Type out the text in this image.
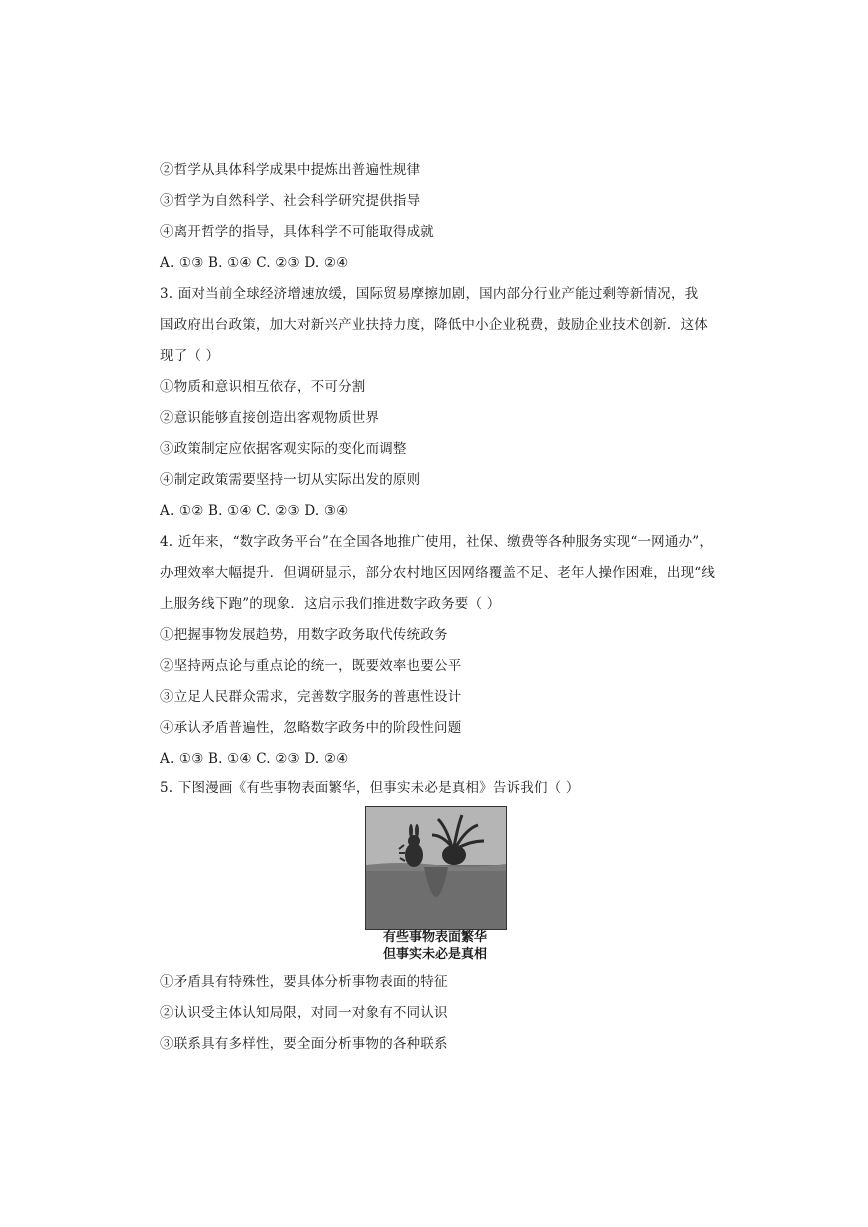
②哲学从具体科学成果中提炼出普遍性规律
③哲学为自然科学、社会科学研究提供指导
④离开哲学的指导，具体科学不可能取得成就
A. ①③ B. ①④ C. ②③ D. ②④
3. 面对当前全球经济增速放缓，国际贸易摩擦加剧，国内部分行业产能过剩等新情况，我
国政府出台政策，加大对新兴产业扶持力度，降低中小企业税费，鼓励企业技术创新．这体
现了（ ）
①物质和意识相互依存，不可分割
②意识能够直接创造出客观物质世界
③政策制定应依据客观实际的变化而调整
④制定政策需要坚持一切从实际出发的原则
A. ①② B. ①④ C. ②③ D. ③④
4. 近年来，“数字政务平台”在全国各地推广使用，社保、缴费等各种服务实现“一网通办”，
办理效率大幅提升．但调研显示，部分农村地区因网络覆盖不足、老年人操作困难，出现“线
上服务线下跑”的现象．这启示我们推进数字政务要（ ）
①把握事物发展趋势，用数字政务取代传统政务
②坚持两点论与重点论的统一，既要效率也要公平
③立足人民群众需求，完善数字服务的普惠性设计
④承认矛盾普遍性，忽略数字政务中的阶段性问题
A. ①③ B. ①④ C. ②③ D. ②④
5. 下图漫画《有些事物表面繁华，但事实未必是真相》告诉我们（ ）
有些事物表面繁华
但事实未必是真相
①矛盾具有特殊性，要具体分析事物表面的特征
②认识受主体认知局限，对同一对象有不同认识
③联系具有多样性，要全面分析事物的各种联系
